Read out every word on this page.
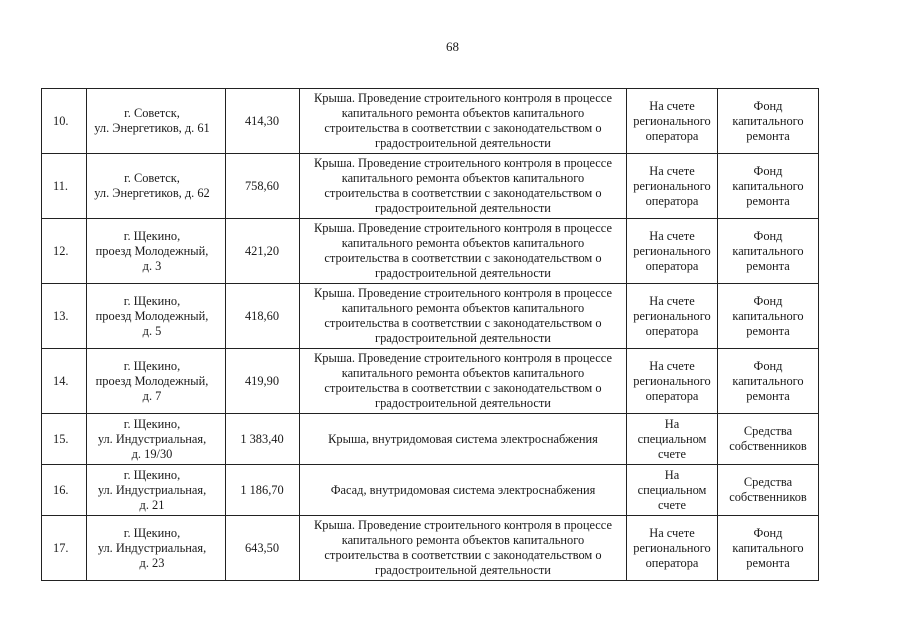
68
10.	г. Советск,
ул. Энергетиков, д. 61	414,30	Крыша. Проведение строительного контроля в процессе
капитального ремонта объектов капитального
строительства в соответствии с законодательством о
градостроительной деятельности	На счете
регионального
оператора	Фонд
капитального
ремонта

11.	г. Советск,
ул. Энергетиков, д. 62	758,60	Крыша. Проведение строительного контроля в процессе
капитального ремонта объектов капитального
строительства в соответствии с законодательством о
градостроительной деятельности	На счете
регионального
оператора	Фонд
капитального
ремонта

12.	г. Щекино,
проезд Молодежный,
д. 3	421,20	Крыша. Проведение строительного контроля в процессе
капитального ремонта объектов капитального
строительства в соответствии с законодательством о
градостроительной деятельности	На счете
регионального
оператора	Фонд
капитального
ремонта

13.	г. Щекино,
проезд Молодежный,
д. 5	418,60	Крыша. Проведение строительного контроля в процессе
капитального ремонта объектов капитального
строительства в соответствии с законодательством о
градостроительной деятельности	На счете
регионального
оператора	Фонд
капитального
ремонта

14.	г. Щекино,
проезд Молодежный,
д. 7	419,90	Крыша. Проведение строительного контроля в процессе
капитального ремонта объектов капитального
строительства в соответствии с законодательством о
градостроительной деятельности	На счете
регионального
оператора	Фонд
капитального
ремонта

15.	г. Щекино,
ул. Индустриальная,
д. 19/30	1 383,40	Крыша, внутридомовая система электроснабжения	На
специальном
счете	Средства
собственников

16.	г. Щекино,
ул. Индустриальная,
д. 21	1 186,70	Фасад, внутридомовая система электроснабжения	На
специальном
счете	Средства
собственников

17.	г. Щекино,
ул. Индустриальная,
д. 23	643,50	Крыша. Проведение строительного контроля в процессе
капитального ремонта объектов капитального
строительства в соответствии с законодательством о
градостроительной деятельности	На счете
регионального
оператора	Фонд
капитального
ремонта
